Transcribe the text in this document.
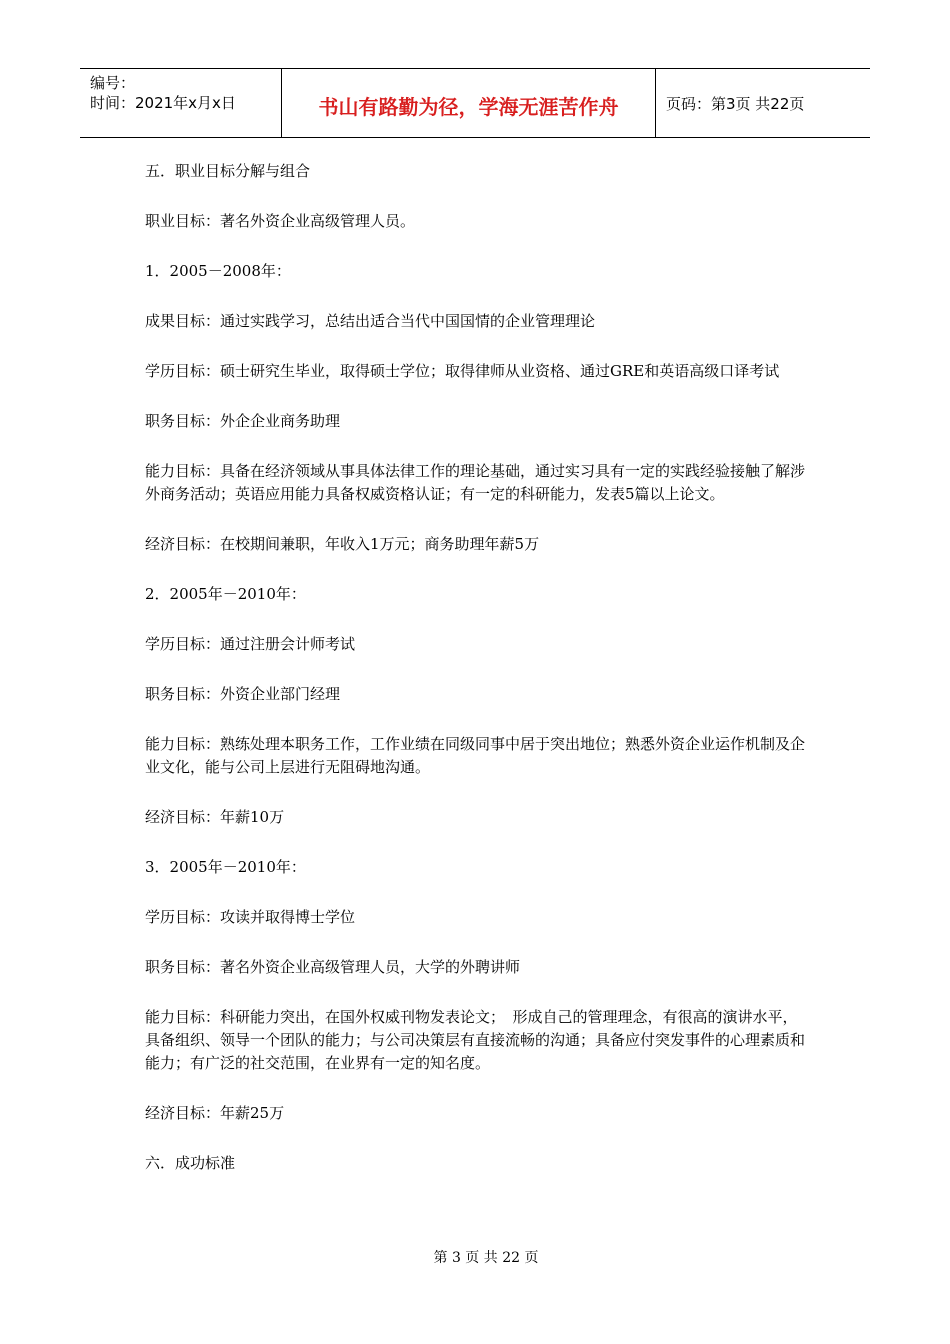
编号：
时间：2021年x月x日	书山有路勤为径，学海无涯苦作舟	页码：第3页 共22页

五．职业目标分解与组合

职业目标：著名外资企业高级管理人员。

1．2005－2008年：

成果目标：通过实践学习，总结出适合当代中国国情的企业管理理论

学历目标：硕士研究生毕业，取得硕士学位；取得律师从业资格、通过GRE和英语高级口译考试

职务目标：外企企业商务助理

能力目标：具备在经济领域从事具体法律工作的理论基础，通过实习具有一定的实践经验接触了解涉外商务活动；英语应用能力具备权威资格认证；有一定的科研能力，发表5篇以上论文。

经济目标：在校期间兼职，年收入1万元；商务助理年薪5万

2．2005年－2010年：

学历目标：通过注册会计师考试

职务目标：外资企业部门经理

能力目标：熟练处理本职务工作，工作业绩在同级同事中居于突出地位；熟悉外资企业运作机制及企业文化，能与公司上层进行无阻碍地沟通。

经济目标：年薪10万

3．2005年－2010年：

学历目标：攻读并取得博士学位

职务目标：著名外资企业高级管理人员，大学的外聘讲师

能力目标：科研能力突出，在国外权威刊物发表论文；　形成自己的管理理念，有很高的演讲水平，具备组织、领导一个团队的能力；与公司决策层有直接流畅的沟通；具备应付突发事件的心理素质和能力；有广泛的社交范围，在业界有一定的知名度。

经济目标：年薪25万

六．成功标准

第 3 页 共 22 页
